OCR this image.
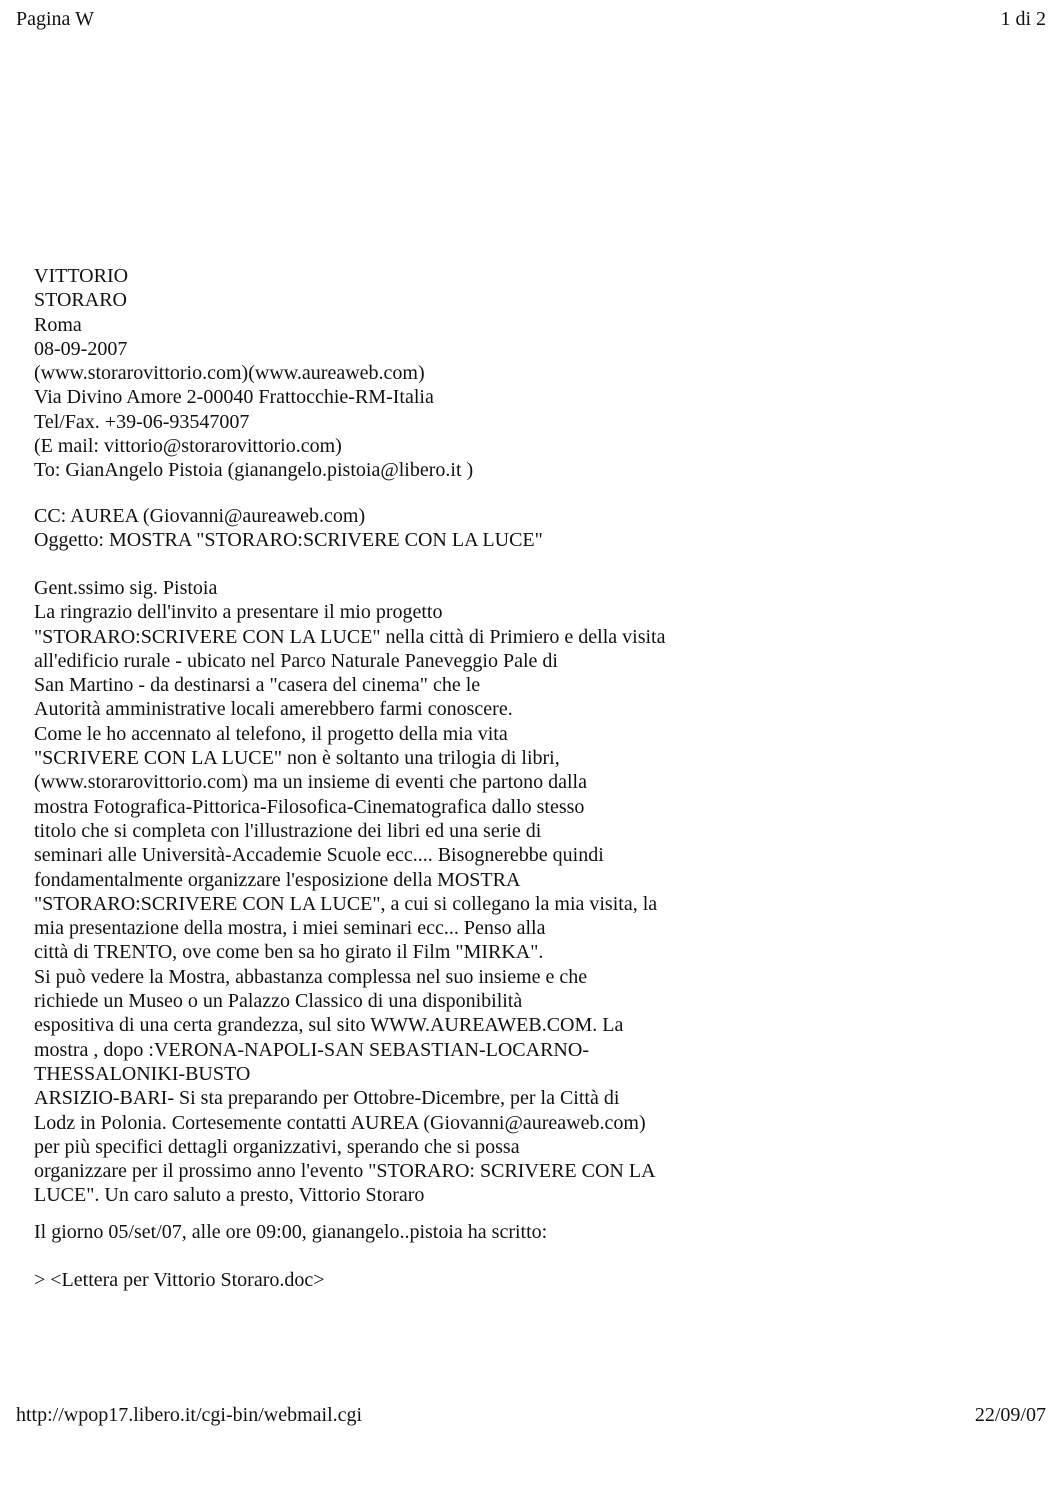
Pagina W	1 di 2
VITTORIO
STORARO
Roma
08-09-2007
(www.storarovittorio.com)(www.aureaweb.com)
Via Divino Amore 2-00040 Frattocchie-RM-Italia
Tel/Fax. +39-06-93547007
(E mail: vittorio@storarovittorio.com)
To: GianAngelo Pistoia (gianangelo.pistoia@libero.it )
CC: AUREA (Giovanni@aureaweb.com)
Oggetto: MOSTRA "STORARO:SCRIVERE CON LA LUCE"
Gent.ssimo sig. Pistoia
La ringrazio dell'invito a presentare il mio progetto
"STORARO:SCRIVERE CON LA LUCE" nella città di Primiero e della visita
all'edificio rurale - ubicato nel Parco Naturale Paneveggio Pale di
San Martino - da destinarsi a "casera del cinema" che le
Autorità amministrative locali amerebbero farmi conoscere.
Come le ho accennato al telefono, il progetto della mia vita
"SCRIVERE CON LA LUCE" non è soltanto una trilogia di libri,
(www.storarovittorio.com) ma un insieme di eventi che partono dalla
mostra Fotografica-Pittorica-Filosofica-Cinematografica dallo stesso
titolo che si completa con l'illustrazione dei libri ed una serie di
seminari alle Università-Accademie Scuole ecc.... Bisognerebbe quindi
fondamentalmente organizzare l'esposizione della MOSTRA
"STORARO:SCRIVERE CON LA LUCE", a cui si collegano la mia visita, la
mia presentazione della mostra, i miei seminari ecc... Penso alla
città di TRENTO, ove come ben sa ho girato il Film "MIRKA".
Si può vedere la Mostra, abbastanza complessa nel suo insieme e che
richiede un Museo o un Palazzo Classico di una disponibilità
espositiva di una certa grandezza, sul sito WWW.AUREAWEB.COM. La
mostra , dopo :VERONA-NAPOLI-SAN SEBASTIAN-LOCARNO-
THESSALONIKI-BUSTO
ARSIZIO-BARI- Si sta preparando per Ottobre-Dicembre, per la Città di
Lodz in Polonia. Cortesemente contatti AUREA (Giovanni@aureaweb.com)
per più specifici dettagli organizzativi, sperando che si possa
organizzare per il prossimo anno l'evento "STORARO: SCRIVERE CON LA
LUCE". Un caro saluto a presto, Vittorio Storaro
Il giorno 05/set/07, alle ore 09:00, gianangelo..pistoia ha scritto:
> <Lettera per Vittorio Storaro.doc>
http://wpop17.libero.it/cgi-bin/webmail.cgi	22/09/07
